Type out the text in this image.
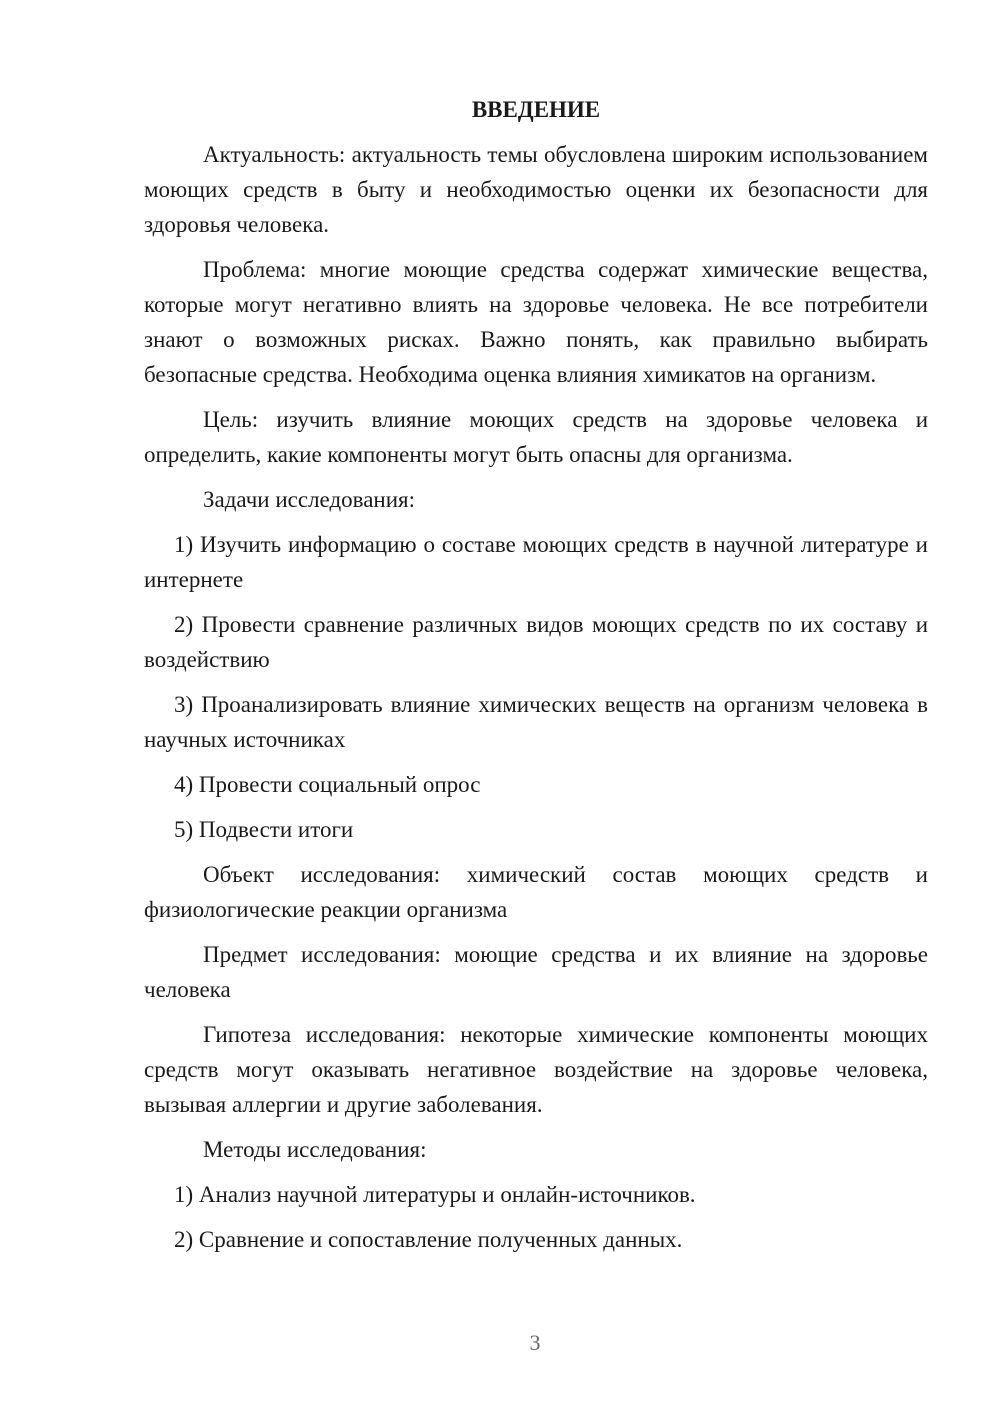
ВВЕДЕНИЕ

Актуальность: актуальность темы обусловлена широким использованием моющих средств в быту и необходимостью оценки их безопасности для здоровья человека.

Проблема: многие моющие средства содержат химические вещества, которые могут негативно влиять на здоровье человека. Не все потребители знают о возможных рисках. Важно понять, как правильно выбирать безопасные средства. Необходима оценка влияния химикатов на организм.

Цель: изучить влияние моющих средств на здоровье человека и определить, какие компоненты могут быть опасны для организма.

Задачи исследования:

1) Изучить информацию о составе моющих средств в научной литературе и интернете

2) Провести сравнение различных видов моющих средств по их составу и воздействию

3) Проанализировать влияние химических веществ на организм человека в научных источниках

4) Провести социальный опрос

5) Подвести итоги

Объект исследования: химический состав моющих средств и физиологические реакции организма

Предмет исследования: моющие средства и их влияние на здоровье человека

Гипотеза исследования: некоторые химические компоненты моющих средств могут оказывать негативное воздействие на здоровье человека, вызывая аллергии и другие заболевания.

Методы исследования:

1) Анализ научной литературы и онлайн-источников.

2) Сравнение и сопоставление полученных данных.

3
